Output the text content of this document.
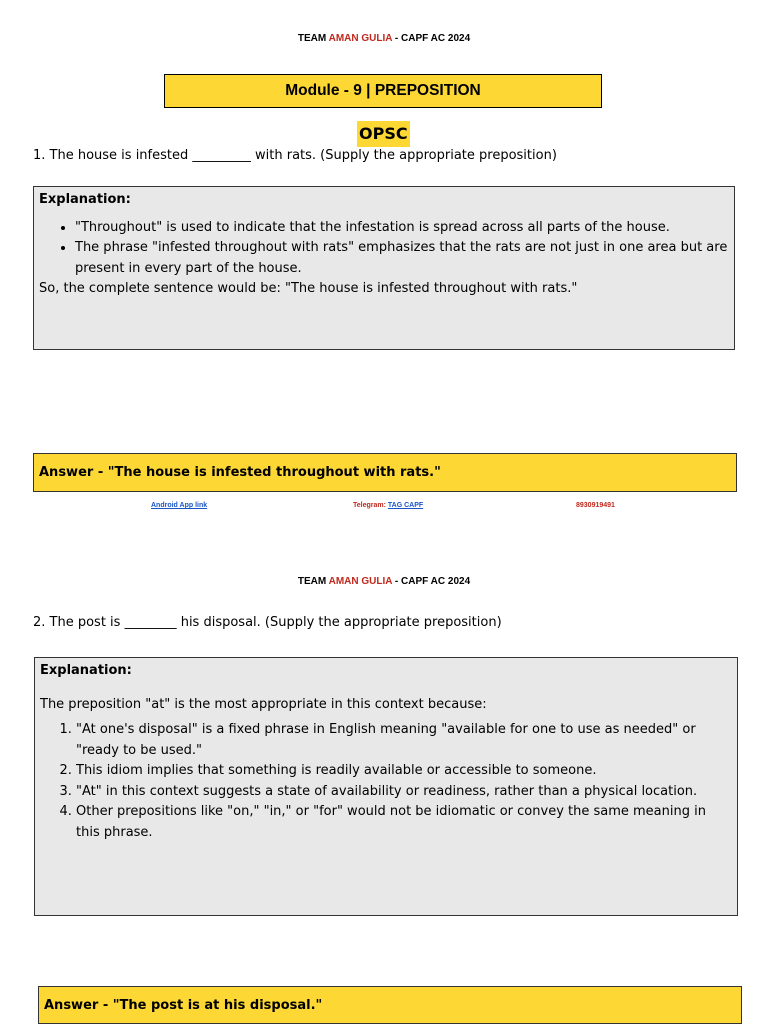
TEAM AMAN GULIA - CAPF AC 2024
Module - 9 | PREPOSITION
OPSC
1. The house is infested _________ with rats. (Supply the appropriate preposition)
Explanation:
• "Throughout" is used to indicate that the infestation is spread across all parts of the house.
• The phrase "infested throughout with rats" emphasizes that the rats are not just in one area but are present in every part of the house.
So, the complete sentence would be: "The house is infested throughout with rats."
Answer - "The house is infested throughout with rats."
Android App link	Telegram: TAG CAPF	8930919491
TEAM AMAN GULIA - CAPF AC 2024
2. The post is ________ his disposal. (Supply the appropriate preposition)
Explanation:
The preposition "at" is the most appropriate in this context because:
1. "At one's disposal" is a fixed phrase in English meaning "available for one to use as needed" or "ready to be used."
2. This idiom implies that something is readily available or accessible to someone.
3. "At" in this context suggests a state of availability or readiness, rather than a physical location.
4. Other prepositions like "on," "in," or "for" would not be idiomatic or convey the same meaning in this phrase.
Answer - "The post is at his disposal."
